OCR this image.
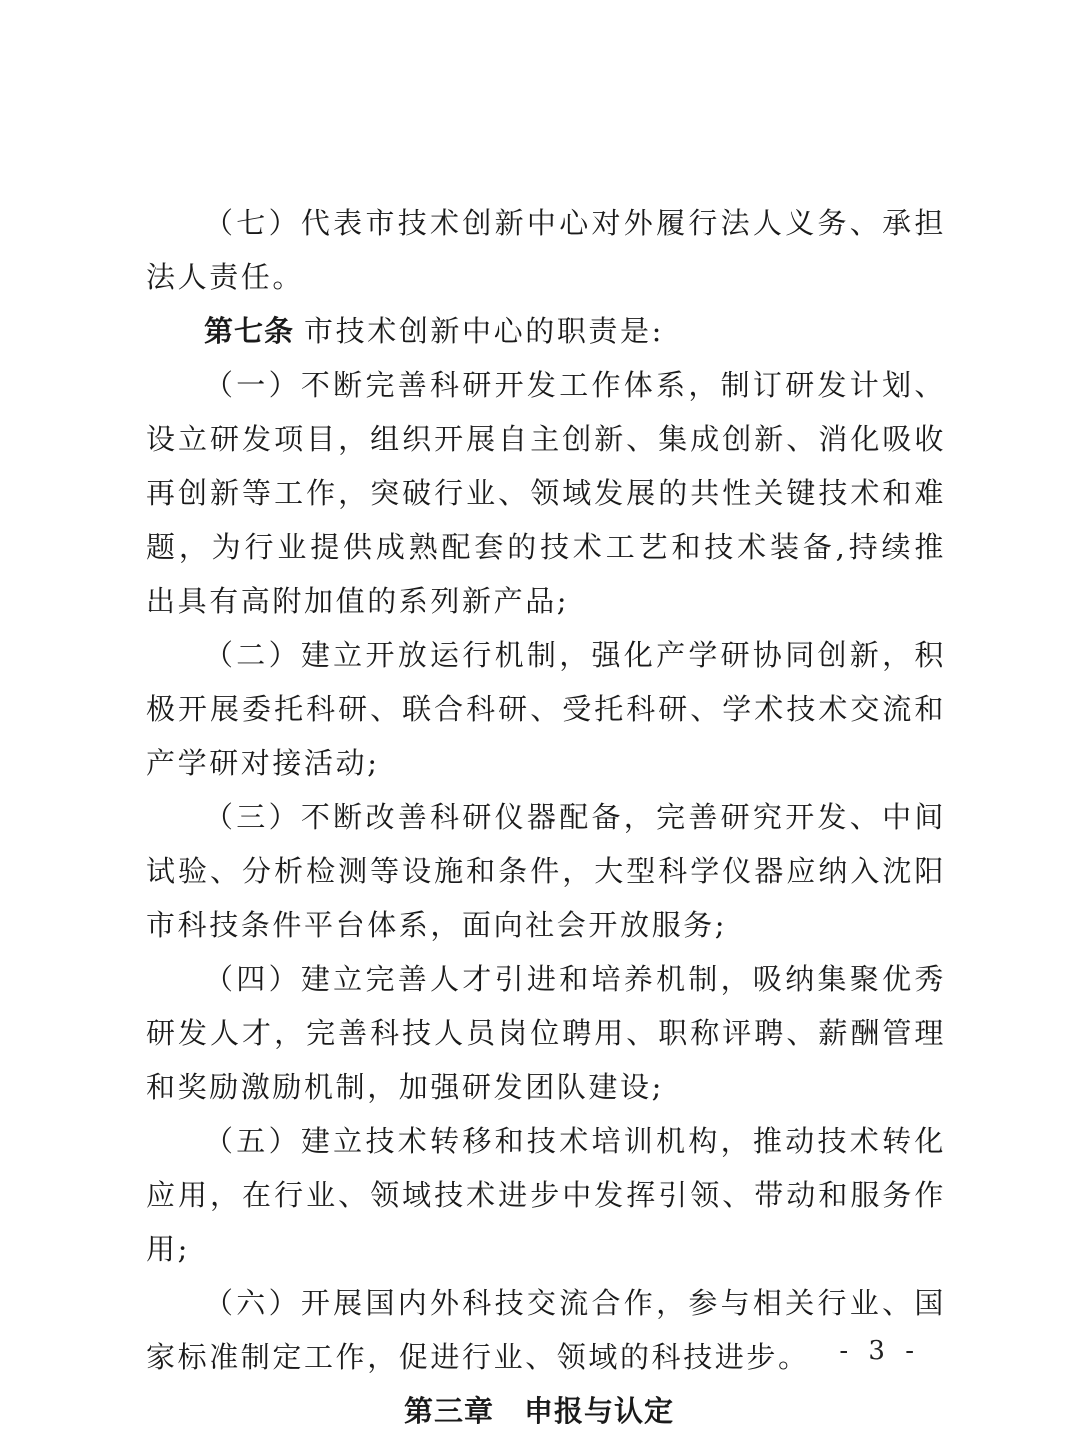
（七）代表市技术创新中心对外履行法人义务、承担法人责任。

第七条 市技术创新中心的职责是:

（一）不断完善科研开发工作体系，制订研发计划、设立研发项目，组织开展自主创新、集成创新、消化吸收再创新等工作，突破行业、领域发展的共性关键技术和难题，为行业提供成熟配套的技术工艺和技术装备,持续推出具有高附加值的系列新产品;

（二）建立开放运行机制，强化产学研协同创新，积极开展委托科研、联合科研、受托科研、学术技术交流和产学研对接活动;

（三）不断改善科研仪器配备，完善研究开发、中间试验、分析检测等设施和条件，大型科学仪器应纳入沈阳市科技条件平台体系，面向社会开放服务;

（四）建立完善人才引进和培养机制，吸纳集聚优秀研发人才，完善科技人员岗位聘用、职称评聘、薪酬管理和奖励激励机制，加强研发团队建设;

（五）建立技术转移和技术培训机构，推动技术转化应用，在行业、领域技术进步中发挥引领、带动和服务作用;

（六）开展国内外科技交流合作，参与相关行业、国家标准制定工作，促进行业、领域的科技进步。

第三章　申报与认定

- 3 -
